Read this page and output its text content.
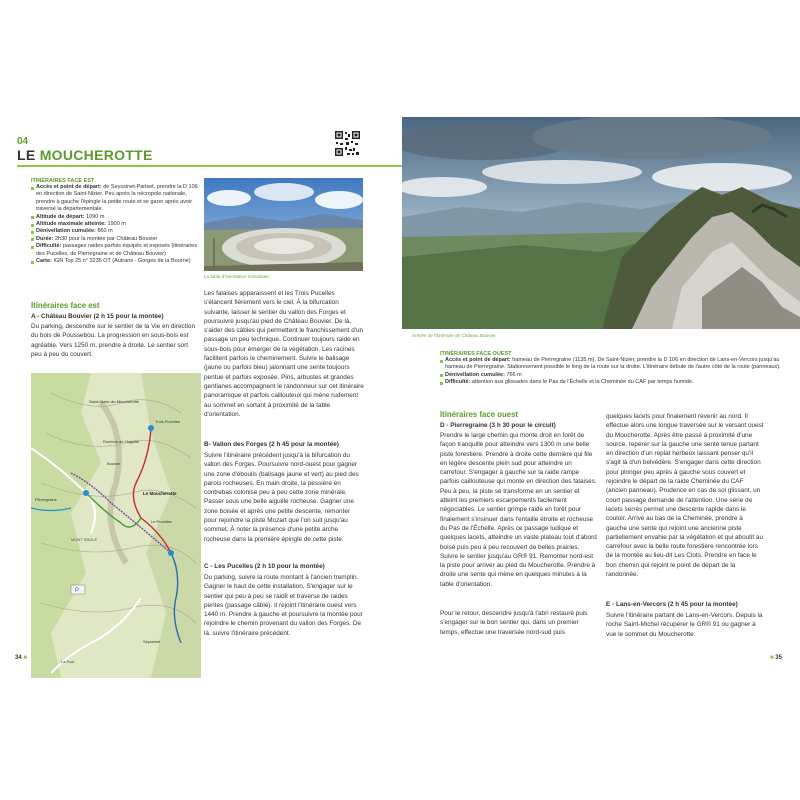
04
LE MOUCHEROTTE
ITINÉRAIRES FACE EST
Accès et point de départ: de Seyssinet-Pariset, prendre la D 106 en direction de Saint-Nizier. Peu après la nécropole nationale, prendre à gauche l'épingle la petite route et se garer après avoir traversé la départementale.
Altitude de départ: 1090 m
Altitude maximale atteinte: 1900 m
Dénivellation cumulée: 860 m
Durée: 2h30 pour la montée par Château Bouvier
Difficulté: passages raides parfois équipés et exposés (itinéraires des Pucelles, de Pierregraine et de Château Bouvier)
Carte: IGN Top 25 n° 3235 OT (Autrans - Gorges de la Bourne)
La table d'orientation sommitale.
Itinéraires face est
A - Château Bouvier (2 h 15 pour la montée)

Du parking, descendre sur le sentier de la Vie en direction du bois de Poussebou. La progression en sous-bois est agréable. Vers 1250 m, prendre à droite. Le sentier sort peu à peu du couvert.

P
Saint-Nizier-du-Moucherotte
Trois Pucelles
Rochers de l'Aiguille
Le Moucherotte
Le Pucelles
Pierregraine
Bouvier
MONT BRÛLÉ
Seyssinet
La Tour

Les falaises apparaissent et les Trois Pucelles s'élancent fièrement vers le ciel. À la bifurcation suivante, laisser le sentier du vallon des Forges et poursuivre jusqu'au pied de Château Bouvier. De là, s'aider des câbles qui permettent le franchissement d'un passage un peu technique. Continuer toujours raide en sous-bois pour émerger de la végétation. Les racines facilitent parfois le cheminement. Suivre le balisage (jaune ou parfois bleu) jalonnant une sente toujours pentue et parfois exposée. Pins, arbustes et grandes gentianes accompagnent le randonneur sur cet itinéraire panoramique et parfois caillouteux qui mène rudement au sommet en sortant à proximité de la table d'orientation.

B- Vallon des Forges (2 h 45 pour la montée)

Suivre l'itinéraire précédent jusqu'à la bifurcation du vallon des Forges. Poursuivre nord-ouest pour gagner une zone d'éboulis (balisage jaune et vert) au pied des parois rocheuses. En main droite, la pessière en contrebas colonise peu à peu cette zone minérale. Passer sous une belle aiguille rocheuse. Gagner une zone boisée et après une petite descente, remonter pour rejoindre la piste Mozart que l'on suit jusqu'au sommet. À noter la présence d'une petite arche rocheuse dans la première épingle de cette piste.

C - Les Pucelles (2 h 10 pour la montée)

Du parking, suivre la route montant à l'ancien tremplin. Gagner le haut de cette installation. S'engager sur le sentier qui peu à peu se raidit et traverse de raides pentes (passage câblé). Il rejoint l'itinéraire ouest vers 1440 m. Prendre à gauche et poursuivre la montée pour rejoindre le chemin provenant du vallon des Forges. De là, suivre l'itinéraire précédent.

34 ■
Arrivée de l'itinéraire de Château Bouvier.
ITINÉRAIRES FACE OUEST
Accès et point de départ: hameau de Pierregraine (1135 m). De Saint-Nizier, prendre la D 106 en direction de Lans-en-Vercors jusqu'au hameau de Pierregraine. Stationnement possible le long de la route sur la droite. L'itinéraire débute de l'autre côté de la route (panneaux).
Dénivellation cumulée: 766 m
Difficulté: attention aux glissades dans le Pas de l'Échelle et la Cheminée du CAF par temps humide.
Itinéraires face ouest
D - Pierregraine (3 h 30 pour le circuit)

Prendre le large chemin qui monte droit en forêt de façon tranquille pour atteindre vers 1300 m une belle piste forestière. Prendre à droite cette dernière qui file en légère descente plein sud pour atteindre un carrefour. S'engager à gauche sur la raide rampe parfois caillouteuse qui monte en direction des falaises. Peu à peu, la piste se transforme en un sentier et atteint les premiers escarpements facilement négociables. Le sentier grimpe raide en forêt pour finalement s'insinuer dans l'entaille étroite et rocheuse du Pas de l'Échelle. Après ce passage ludique et quelques lacets, atteindre un vaste plateau tout d'abord boisé puis peu à peu recouvert de belles prairies. Suivre le sentier jusqu'au GR® 91. Remonter nord-est la piste pour arriver au pied du Moucherotte. Prendre à droite une sente qui mène en quelques minutes à la table d'orientation.

Pour le retour, descendre jusqu'à l'abri restauré puis s'engager sur le bon sentier qui, dans un premier temps, effectue une traversée nord-sud puis

quelques lacets pour finalement revenir au nord. Il effectue alors une longue traversée sur le versant ouest du Moucherotte. Après être passé à proximité d'une source, repérer sur la gauche une sente tenue partant en direction d'un replat herbeux laissant penser qu'il s'agit là d'un belvédère. S'engager dans cette direction pour plonger peu après à gauche sous couvert et rejoindre le départ de la raide Cheminée du CAF (ancien panneau). Prudence en cas de sol glissant, un court passage demande de l'attention. Une série de lacets serrés permet une descente rapide dans le couloir. Arrivé au bas de la Cheminée, prendre à gauche une sente qui rejoint une ancienne piste partiellement envahie par la végétation et qui aboutit au carrefour avec la belle route forestière rencontrée lors de la montée au lieu-dit Les Clots. Prendre en face le bon chemin qui rejoint le point de départ de la randonnée.

E - Lans-en-Vercors (2 h 45 pour la montée)

Suivre l'itinéraire partant de Lans-en-Vercors. Depuis la roche Saint-Michel récupérer le GR® 91 ou gagner à vue le sommet du Moucherotte.

■ 35
